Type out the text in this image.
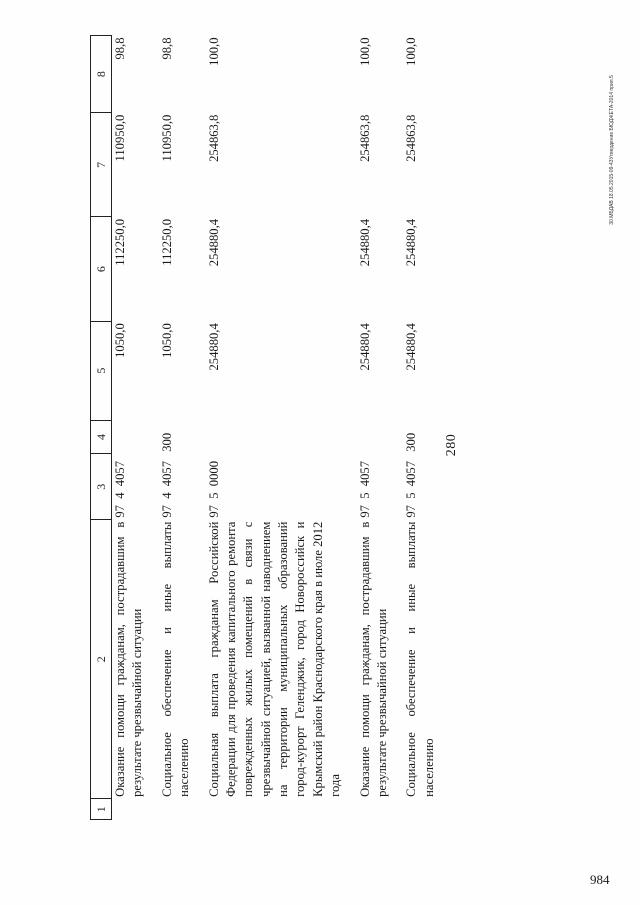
280
984
30.МБДАВ 18.05.2015-09-43Утвердение БЮДЖЕТА-2014 прил.5
1	2	3	4	5	6	7	8
	Оказание помощи гражданам, пострадавшим в результате чрезвычайной ситуации	97  4  4057		1050,0	112250,0	110950,0	98,8

	Социальное обеспечение и иные выплаты населению	97  4  4057	300	1050,0	112250,0	110950,0	98,8

	Социальная выплата гражданам Российской Федерации для проведения капитального ремонта поврежденных жилых помещений в связи с чрезвычайной ситуацией, вызванной наводнением на территории муниципальных образований город-курорт Геленджик, город Новороссийск и Крымский район Краснодарского края в июле 2012 года	97  5  0000		254880,4	254880,4	254863,8	100,0

	Оказание помощи гражданам, пострадавшим в результате чрезвычайной ситуации	97  5  4057		254880,4	254880,4	254863,8	100,0

	Социальное обеспечение и иные выплаты населению	97  5  4057	300	254880,4	254880,4	254863,8	100,0
